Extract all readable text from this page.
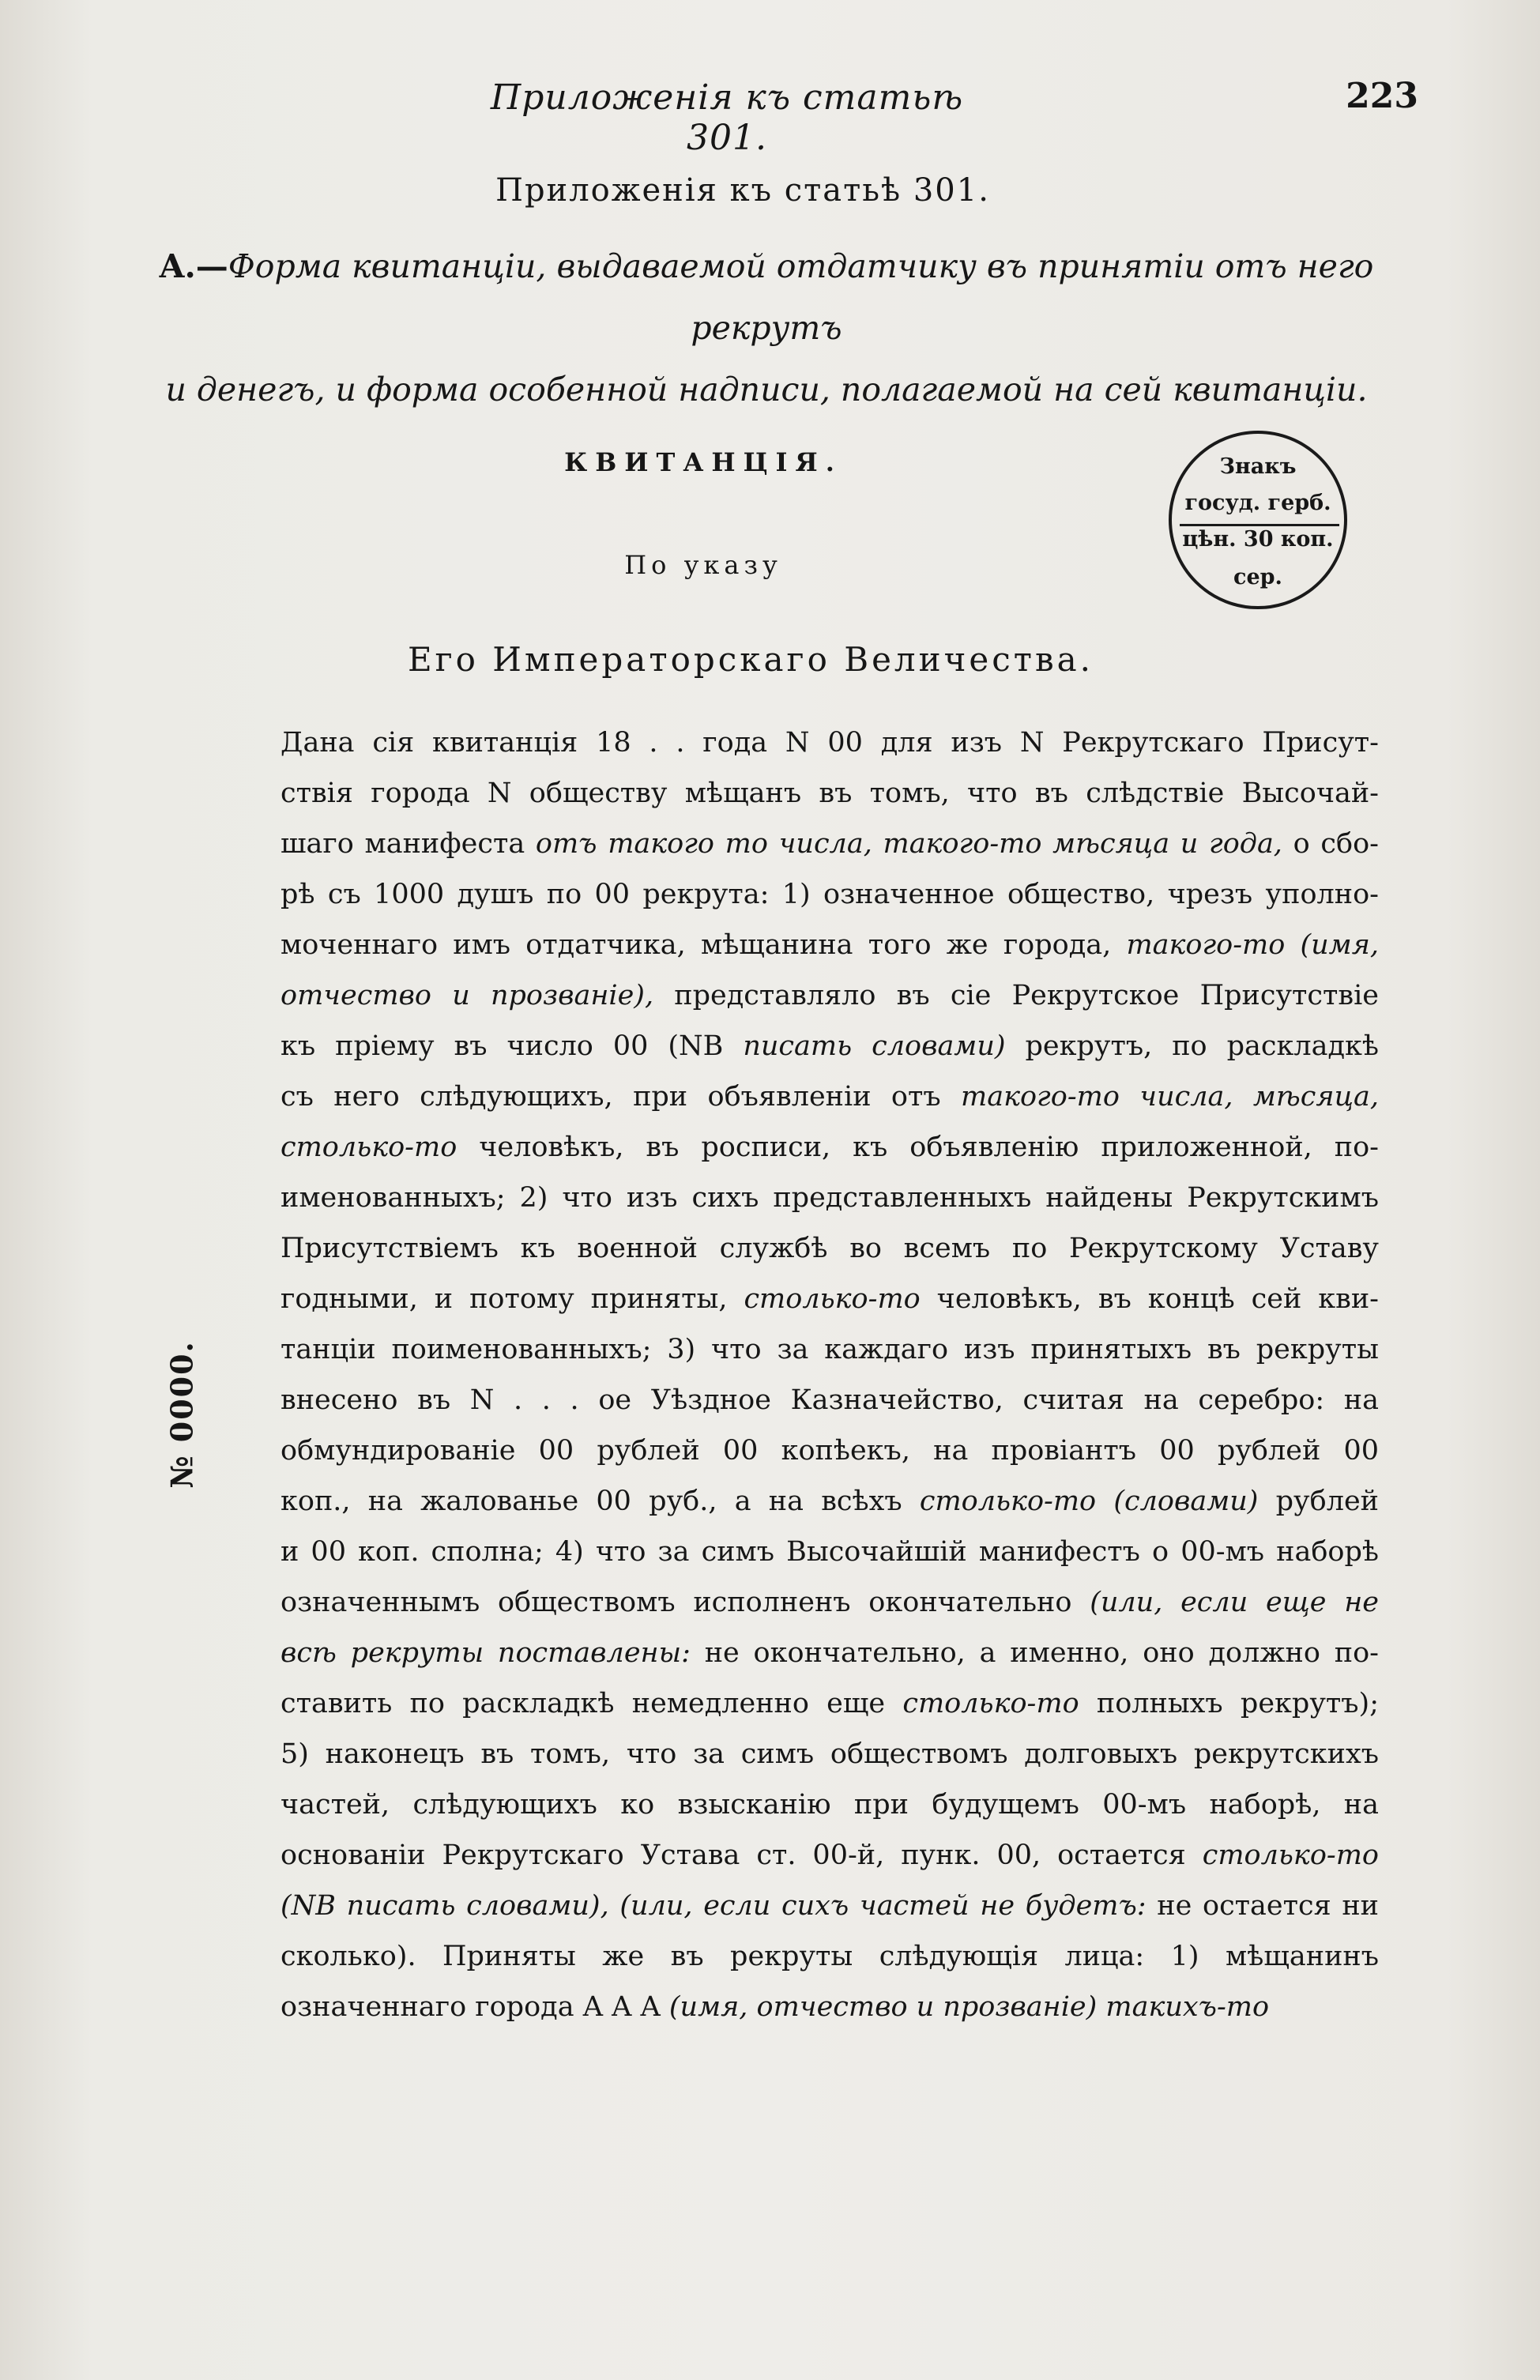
Приложенія къ статьѣ 301.
223
Приложенія къ статьѣ 301.
A.—Форма квитанціи, выдаваемой отдатчику въ принятіи отъ него рекрутъ
и денегъ, и форма особенной надписи, полагаемой на сей квитанціи.
КВИТАНЦІЯ.
По указу
Его Императорскаго Величества.
Знакъ
госуд. герб.
цѣн. 30 коп.
сер.
№ 0000.
Дана сія квитанція 18 . . года N 00 для изъ N Рекрутскаго Присут-
ствія города N обществу мѣщанъ въ томъ, что въ слѣдствіе Высочай-
шаго манифеста отъ такого то числа, такого-то мѣсяца и года, о сбо-
рѣ съ 1000 душъ по 00 рекрута: 1) означенное общество, чрезъ уполно-
моченнаго имъ отдатчика, мѣщанина того же города, такого-то (имя,
отчество и прозваніе), представляло въ сіе Рекрутское Присутствіе
къ пріему въ число 00 (NB писать словами) рекрутъ, по раскладкѣ
съ него слѣдующихъ, при объявленіи отъ такого-то числа, мѣсяца,
столько-то человѣкъ, въ росписи, къ объявленію приложенной, по-
именованныхъ; 2) что изъ сихъ представленныхъ найдены Рекрутскимъ
Присутствіемъ къ военной службѣ во всемъ по Рекрутскому Уставу
годными, и потому приняты, столько-то человѣкъ, въ концѣ сей кви-
танціи поименованныхъ; 3) что за каждаго изъ принятыхъ въ рекруты
внесено въ N . . . ое Уѣздное Казначейство, считая на серебро: на
обмундированіе 00 рублей 00 копѣекъ, на провіантъ 00 рублей 00
коп., на жалованье 00 руб., а на всѣхъ столько-то (словами) рублей
и 00 коп. сполна; 4) что за симъ Высочайшій манифестъ о 00-мъ наборѣ
означеннымъ обществомъ исполненъ окончательно (или, если еще не
всѣ рекруты поставлены: не окончательно, а именно, оно должно по-
ставить по раскладкѣ немедленно еще столько-то полныхъ рекрутъ);
5) наконецъ въ томъ, что за симъ обществомъ долговыхъ рекрутскихъ
частей, слѣдующихъ ко взысканію при будущемъ 00-мъ наборѣ, на
основаніи Рекрутскаго Устава ст. 00-й, пунк. 00, остается столько-то
(NB писать словами), (или, если сихъ частей не будетъ: не остается ни
сколько). Приняты же въ рекруты слѣдующія лица: 1) мѣщанинъ
означеннаго города A A A (имя, отчество и прозваніе) такихъ-то
